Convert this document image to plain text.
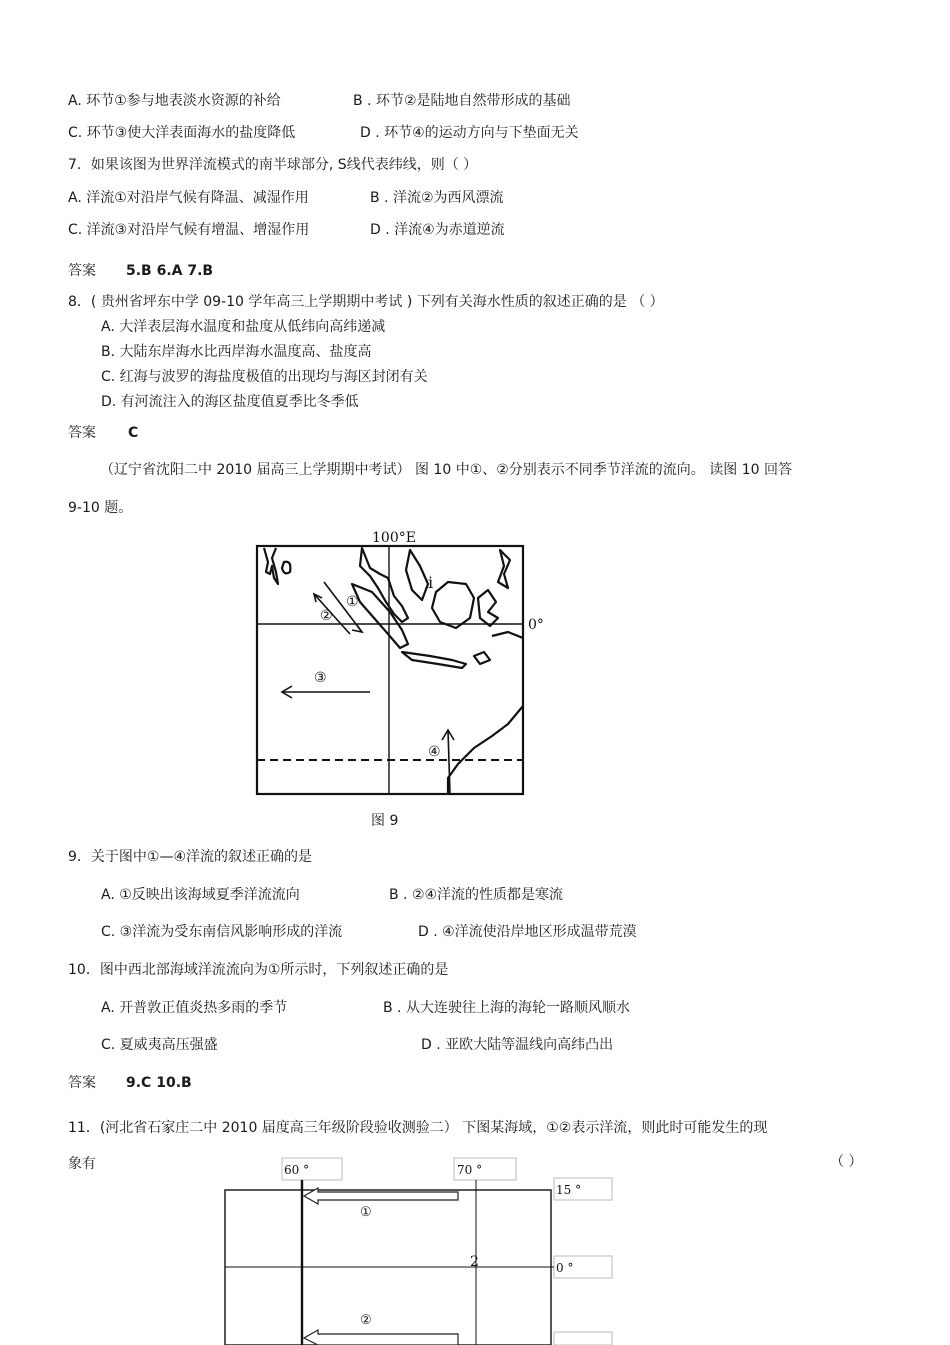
A. 环节①参与地表淡水资源的补给	B . 环节②是陆地自然带形成的基础
C. 环节③使大洋表面海水的盐度降低	D . 环节④的运动方向与下垫面无关
7．如果该图为世界洋流模式的南半球部分, S线代表纬线，则（ ）
A. 洋流①对沿岸气候有降温、减湿作用	B . 洋流②为西风漂流
C. 洋流③对沿岸气候有增温、增湿作用	D . 洋流④为赤道逆流
答案 5.B 6.A 7.B
8．( 贵州省坪东中学 09-10 学年高三上学期期中考试 ) 下列有关海水性质的叙述正确的是 （ ）
A. 大洋表层海水温度和盐度从低纬向高纬递减
B. 大陆东岸海水比西岸海水温度高、盐度高
C. 红海与波罗的海盐度极值的出现均与海区封闭有关
D. 有河流注入的海区盐度值夏季比冬季低
答案 C
（辽宁省沈阳二中 2010 届高三上学期期中考试） 图 10 中①、②分别表示不同季节洋流的流向。 读图 10 回答
9-10 题。
100°E
0°
i
①
②
③
④
图 9
9．关于图中①—④洋流的叙述正确的是
A. ①反映出该海域夏季洋流流向	B . ②④洋流的性质都是寒流
C. ③洋流为受东南信风影响形成的洋流	D . ④洋流使沿岸地区形成温带荒漠
10．图中西北部海域洋流流向为①所示时，下列叙述正确的是
A. 开普敦正值炎热多雨的季节	B . 从大连驶往上海的海轮一路顺风顺水
C. 夏威夷高压强盛	D . 亚欧大陆等温线向高纬凸出
答案 9.C 10.B
11．(河北省石家庄二中 2010 届度高三年级阶段验收测验二） 下图某海域，①②表示洋流，则此时可能发生的现
象有	（ ）
60 °	70 °
15 °
0 °
①
②
2
